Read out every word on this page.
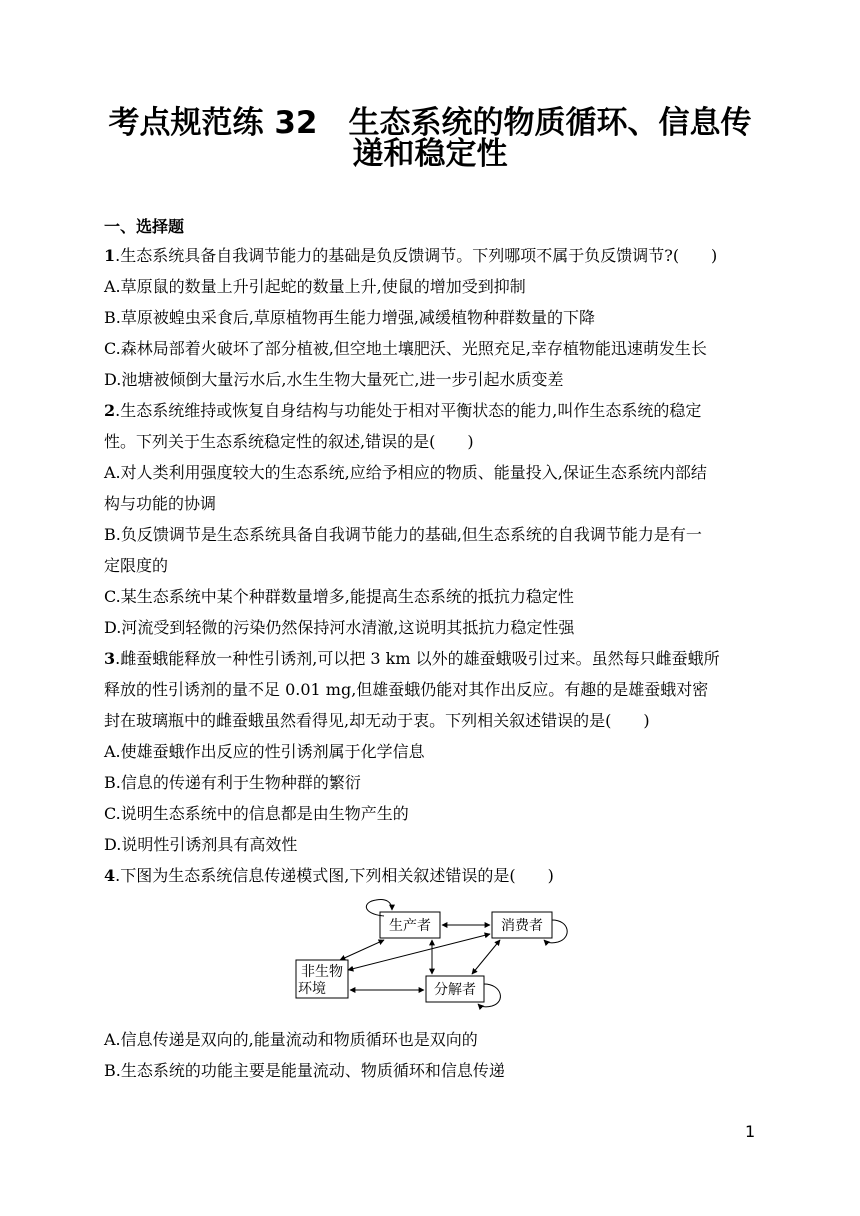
考点规范练 32　生态系统的物质循环、信息传
递和稳定性
一、选择题
1.生态系统具备自我调节能力的基础是负反馈调节。下列哪项不属于负反馈调节?(　　)
A.草原鼠的数量上升引起蛇的数量上升,使鼠的增加受到抑制
B.草原被蝗虫采食后,草原植物再生能力增强,减缓植物种群数量的下降
C.森林局部着火破坏了部分植被,但空地土壤肥沃、光照充足,幸存植物能迅速萌发生长
D.池塘被倾倒大量污水后,水生生物大量死亡,进一步引起水质变差
2.生态系统维持或恢复自身结构与功能处于相对平衡状态的能力,叫作生态系统的稳定
性。下列关于生态系统稳定性的叙述,错误的是(　　)
A.对人类利用强度较大的生态系统,应给予相应的物质、能量投入,保证生态系统内部结
构与功能的协调
B.负反馈调节是生态系统具备自我调节能力的基础,但生态系统的自我调节能力是有一
定限度的
C.某生态系统中某个种群数量增多,能提高生态系统的抵抗力稳定性
D.河流受到轻微的污染仍然保持河水清澈,这说明其抵抗力稳定性强
3.雌蚕蛾能释放一种性引诱剂,可以把 3 km 以外的雄蚕蛾吸引过来。虽然每只雌蚕蛾所
释放的性引诱剂的量不足 0.01 mg,但雄蚕蛾仍能对其作出反应。有趣的是雄蚕蛾对密
封在玻璃瓶中的雌蚕蛾虽然看得见,却无动于衷。下列相关叙述错误的是(　　)
A.使雄蚕蛾作出反应的性引诱剂属于化学信息
B.信息的传递有利于生物种群的繁衍
C.说明生态系统中的信息都是由生物产生的
D.说明性引诱剂具有高效性
4.下图为生态系统信息传递模式图,下列相关叙述错误的是(　　)
生产者	消费者
分解者
非生物
环境
A.信息传递是双向的,能量流动和物质循环也是双向的
B.生态系统的功能主要是能量流动、物质循环和信息传递
1
